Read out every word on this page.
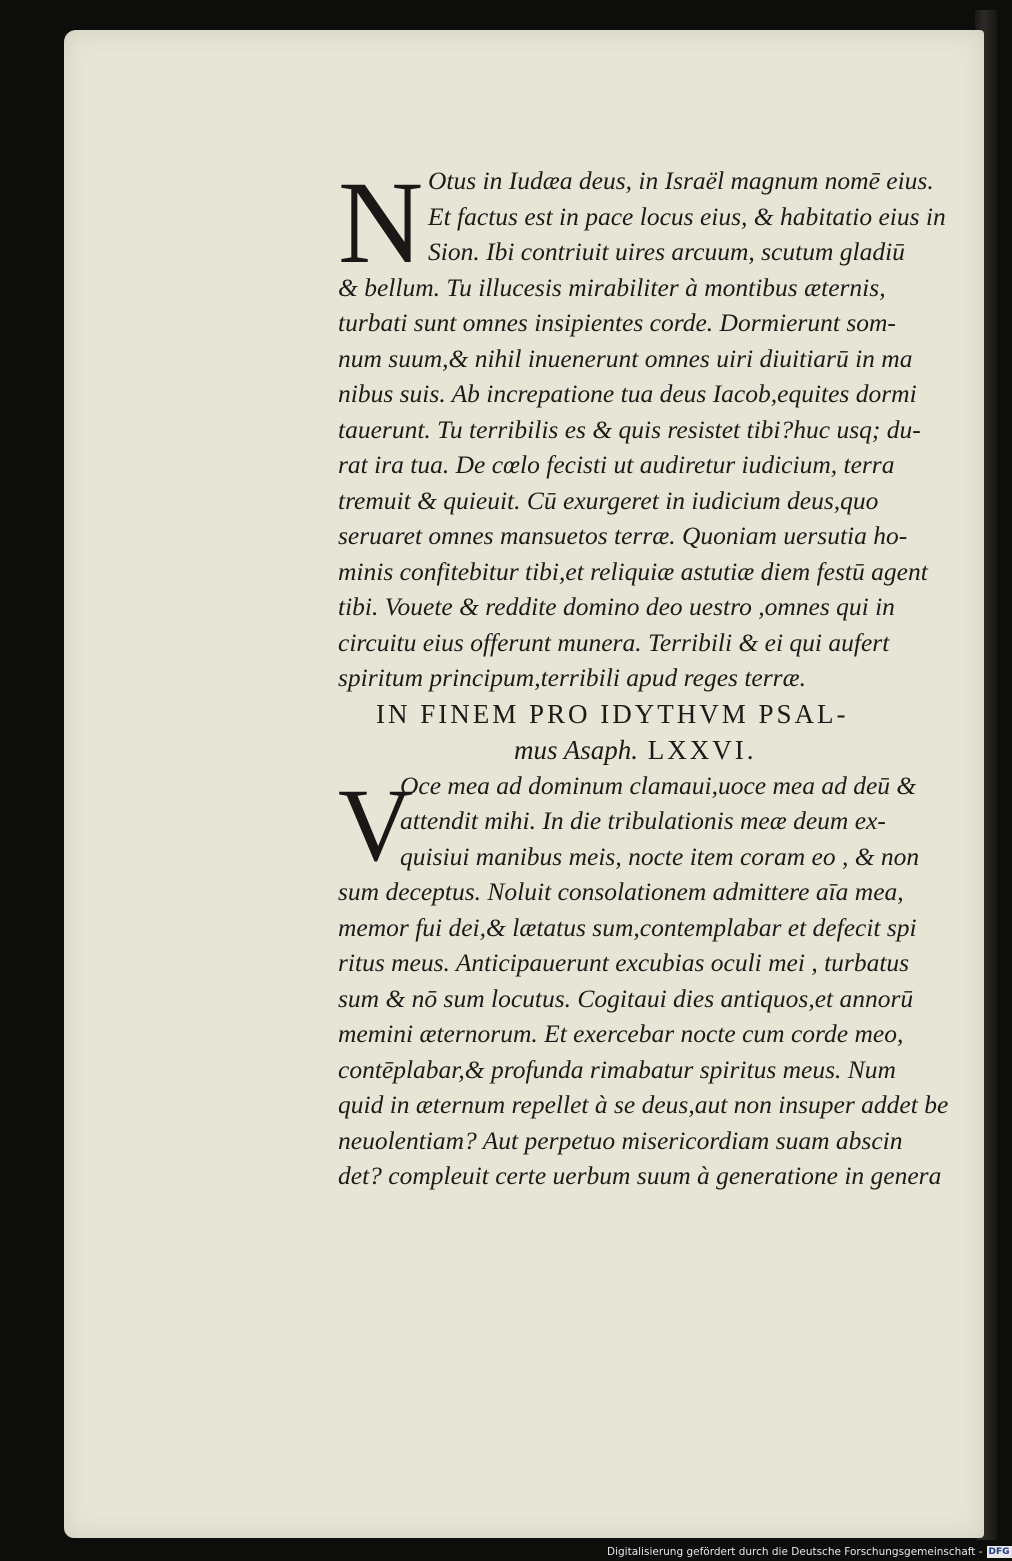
N Otus in Iudæa deus, in Israël magnum nomē eius.
Et factus est in pace locus eius, & habitatio eius in
Sion. Ibi contriuit uires arcuum, scutum gladiū
& bellum. Tu illucesis mirabiliter à montibus æternis,
turbati sunt omnes insipientes corde. Dormierunt som-
num suum,& nihil inuenerunt omnes uiri diuitiarū in ma
nibus suis. Ab increpatione tua deus Iacob,equites dormi
tauerunt. Tu terribilis es & quis resistet tibi?huc usq; du-
rat ira tua. De cœlo fecisti ut audiretur iudicium, terra
tremuit & quieuit. Cū exurgeret in iudicium deus,quo
seruaret omnes mansuetos terræ. Quoniam uersutia ho-
minis confitebitur tibi,et reliquiæ astutiæ diem festū agent
tibi. Vouete & reddite domino deo uestro ,omnes qui in
circuitu eius offerunt munera. Terribili & ei qui aufert
spiritum principum,terribili apud reges terræ.
IN FINEM PRO IDYTHVM PSAL-
mus Asaph. LXXVI.
V
Oce mea ad dominum clamaui,uoce mea ad deū &
attendit mihi. In die tribulationis meæ deum ex-
quisiui manibus meis, nocte item coram eo , & non
sum deceptus. Noluit consolationem admittere aīa mea,
memor fui dei,& lætatus sum,contemplabar et defecit spi
ritus meus. Anticipauerunt excubias oculi mei , turbatus
sum & nō sum locutus. Cogitaui dies antiquos,et annorū
memini æternorum. Et exercebar nocte cum corde meo,
contēplabar,& profunda rimabatur spiritus meus. Num
quid in æternum repellet à se deus,aut non insuper addet be
neuolentiam? Aut perpetuo misericordiam suam abscin
det? compleuit certe uerbum suum à generatione in genera
Digitalisierung gefördert durch die Deutsche Forschungsgemeinschaft - DFG
